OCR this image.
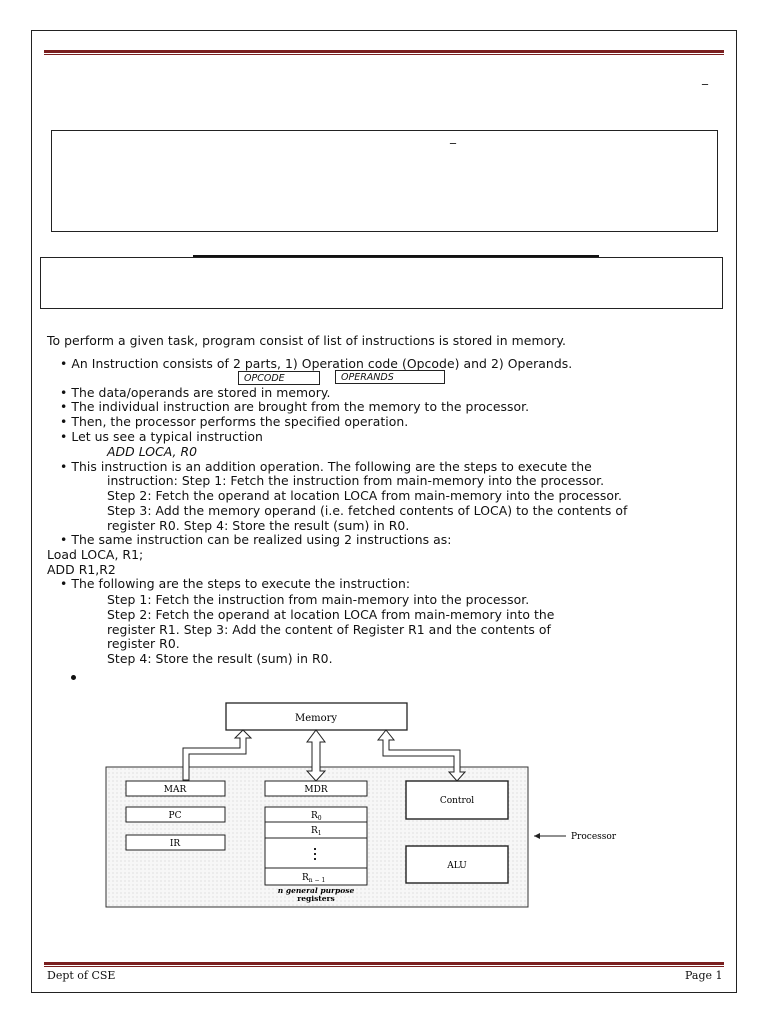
_
_
To perform a given task, program consist of list of instructions is stored in memory.
• An Instruction consists of 2 parts, 1) Operation code (Opcode) and 2) Operands.
OPCODE	OPERANDS
• The data/operands are stored in memory.
• The individual instruction are brought from the memory to the processor.
• Then, the processor performs the specified operation.
• Let us see a typical instruction
ADD LOCA, R0
• This instruction is an addition operation. The following are the steps to execute the
instruction: Step 1: Fetch the instruction from main-memory into the processor.
Step 2: Fetch the operand at location LOCA from main-memory into the processor.
Step 3: Add the memory operand (i.e. fetched contents of LOCA) to the contents of
register R0. Step 4: Store the result (sum) in R0.
• The same instruction can be realized using 2 instructions as:
Load LOCA, R1;
ADD R1,R2
• The following are the steps to execute the instruction:
Step 1: Fetch the instruction from main-memory into the processor.
Step 2: Fetch the operand at location LOCA from main-memory into the
register R1. Step 3: Add the content of Register R1 and the contents of
register R0.
Step 4: Store the result (sum) in R0.
Memory
MAR	MDR
Control
PC
IR
$R_0$
$R_1$
$R_{n - 1}$
n general purpose
registers
ALU
Processor
Dept of CSE	Page 1
